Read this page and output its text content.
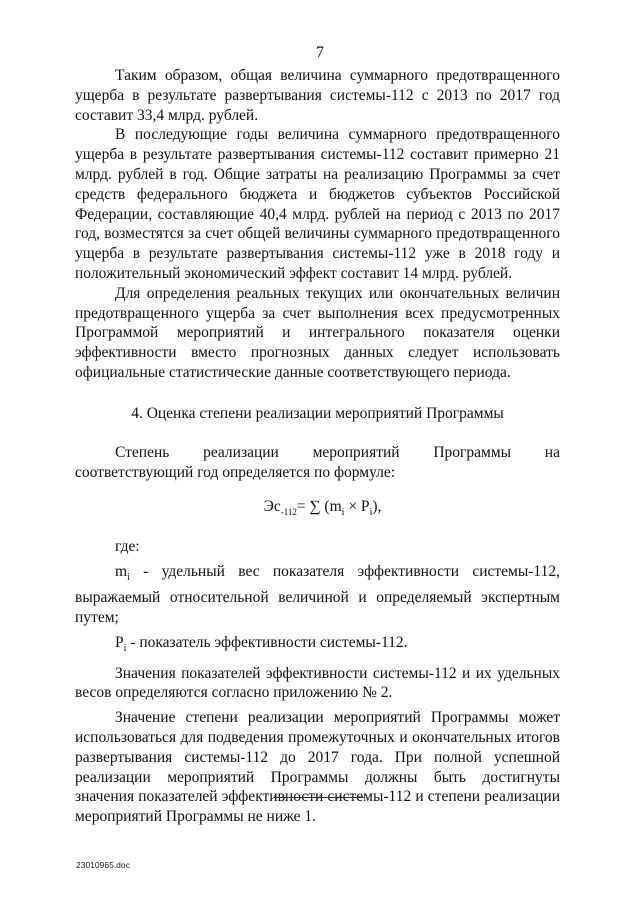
7

Таким образом, общая величина суммарного предотвращенного ущерба в результате развертывания системы-112 с 2013 по 2017 год составит 33,4 млрд. рублей.

В последующие годы величина суммарного предотвращенного ущерба в результате развертывания системы-112 составит примерно 21 млрд. рублей в год. Общие затраты на реализацию Программы за счет средств федерального бюджета и бюджетов субъектов Российской Федерации, составляющие 40,4 млрд. рублей на период с 2013 по 2017 год, возместятся за счет общей величины суммарного предотвращенного ущерба в результате развертывания системы-112 уже в 2018 году и положительный экономический эффект составит 14 млрд. рублей.

Для определения реальных текущих или окончательных величин предотвращенного ущерба за счет выполнения всех предусмотренных Программой мероприятий и интегрального показателя оценки эффективности вместо прогнозных данных следует использовать официальные статистические данные соответствующего периода.

4. Оценка степени реализации мероприятий Программы

Степень реализации мероприятий Программы на соответствующий год определяется по формуле:

$Эс_{-112}=$ ∑ $(m_i \times P_i)$,

где:

$m_i$ - удельный вес показателя эффективности системы-112, выражаемый относительной величиной и определяемый экспертным путем;

$P_i$ - показатель эффективности системы-112.

Значения показателей эффективности системы-112 и их удельных весов определяются согласно приложению № 2.

Значение степени реализации мероприятий Программы может использоваться для подведения промежуточных и окончательных итогов развертывания системы-112 до 2017 года. При полной успешной реализации мероприятий Программы должны быть достигнуты значения показателей эффективности системы-112 и степени реализации мероприятий Программы не ниже 1.

23010965.doc
